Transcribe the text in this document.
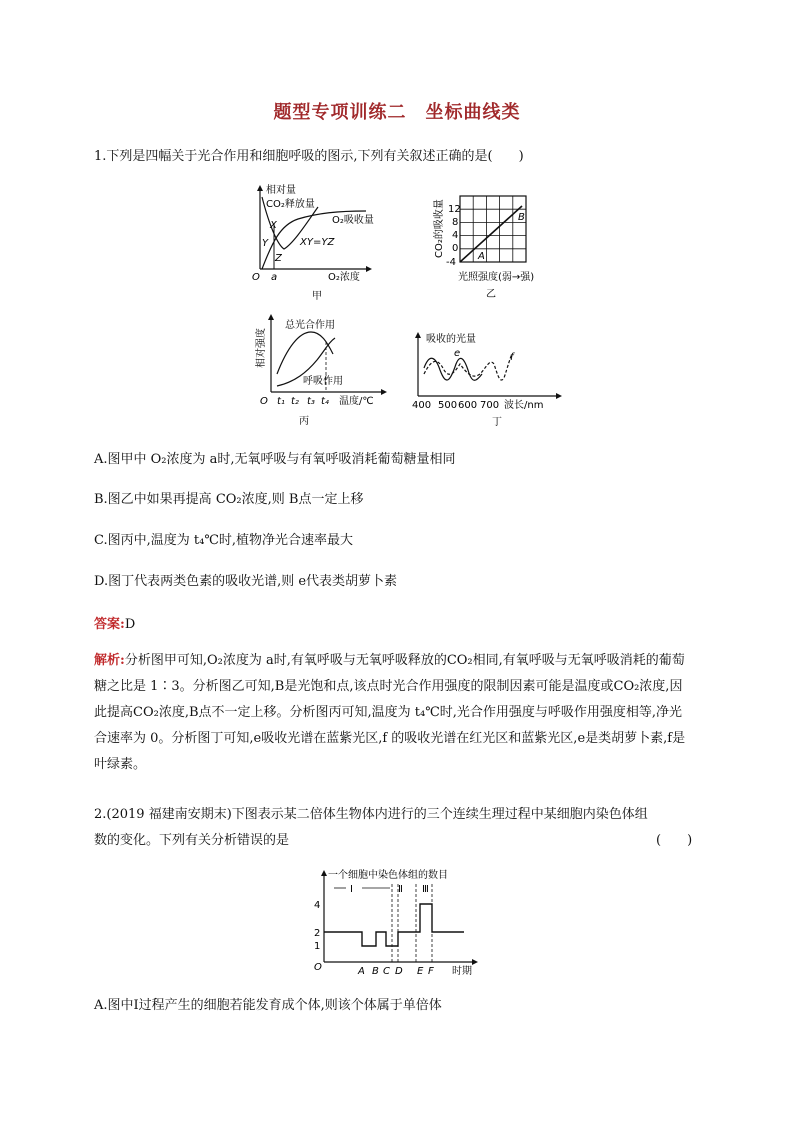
题型专项训练二　坐标曲线类
1.下列是四幅关于光合作用和细胞呼吸的图示,下列有关叙述正确的是(　　)
相对量
CO₂释放量
O₂吸收量
XY=YZ
X
Y
Z
O a	O₂浓度
甲
12
8
4
0
-4
A
B
CO₂的吸收量
光照强度(弱→强)
乙
相对强度
总光合作用
呼吸作用
O t₁ t₂ t₃ t₄ 温度/℃
丙
吸收的光量
e	f
400 500 600 700 波长/nm
丁
A.图甲中 O₂浓度为 a时,无氧呼吸与有氧呼吸消耗葡萄糖量相同
B.图乙中如果再提高 CO₂浓度,则 B点一定上移
C.图丙中,温度为 t₄℃时,植物净光合速率最大
D.图丁代表两类色素的吸收光谱,则 e代表类胡萝卜素
答案:D
解析:分析图甲可知,O₂浓度为 a时,有氧呼吸与无氧呼吸释放的CO₂相同,有氧呼吸与无氧呼吸消耗的葡萄糖之比是 1∶3。分析图乙可知,B是光饱和点,该点时光合作用强度的限制因素可能是温度或CO₂浓度,因此提高CO₂浓度,B点不一定上移。分析图丙可知,温度为 t₄℃时,光合作用强度与呼吸作用强度相等,净光合速率为 0。分析图丁可知,e吸收光谱在蓝紫光区,f 的吸收光谱在红光区和蓝紫光区,e是类胡萝卜素,f是叶绿素。
2.(2019 福建南安期末)下图表示某二倍体生物体内进行的三个连续生理过程中某细胞内染色体组
数的变化。下列有关分析错误的是	(　　)
一个细胞中染色体组的数目
Ⅰ	Ⅱ Ⅲ
4
2
1
O	A B C D E F 时期
A.图中Ⅰ过程产生的细胞若能发育成个体,则该个体属于单倍体
